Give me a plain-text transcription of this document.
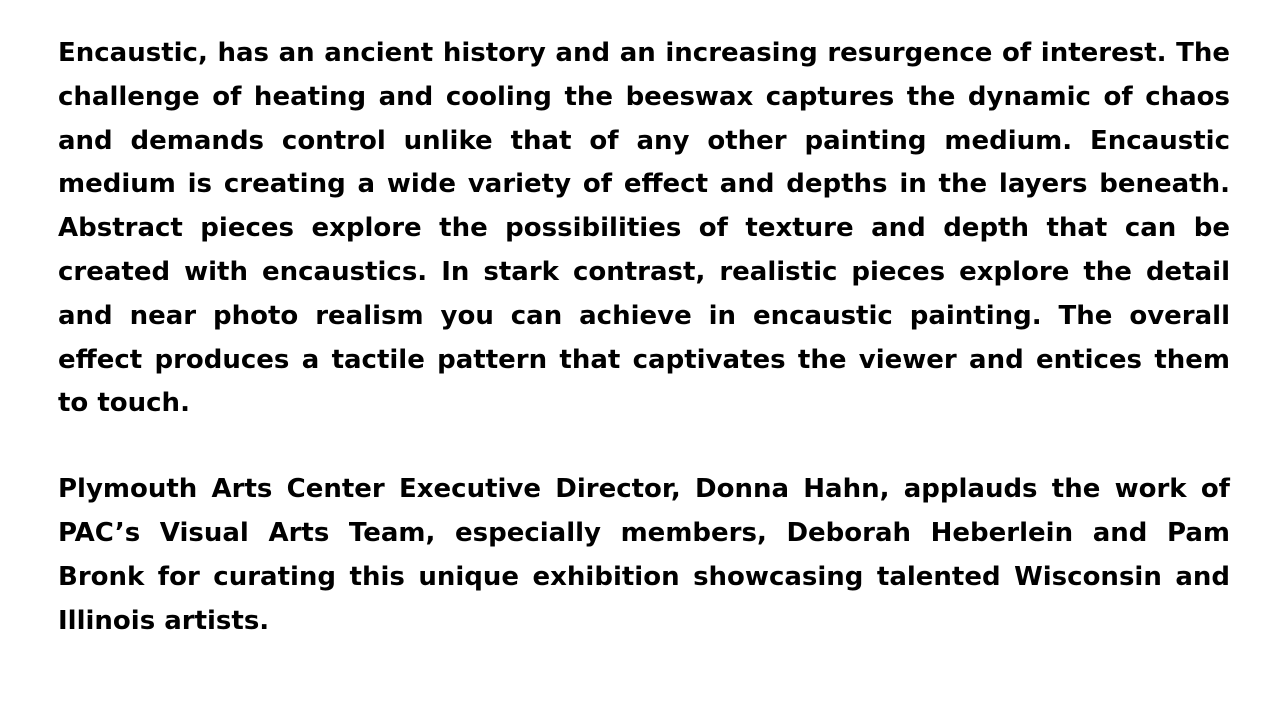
Encaustic, has an ancient history and an increasing resurgence of interest. The challenge of heating and cooling the beeswax captures the dynamic of chaos and demands control unlike that of any other painting medium. Encaustic medium is creating a wide variety of effect and depths in the layers beneath. Abstract pieces explore the possibilities of texture and depth that can be created with encaustics. In stark contrast, realistic pieces explore the detail and near photo realism you can achieve in encaustic painting. The overall effect produces a tactile pattern that captivates the viewer and entices them to touch.

Plymouth Arts Center Executive Director, Donna Hahn, applauds the work of PAC’s Visual Arts Team, especially members, Deborah Heberlein and Pam Bronk for curating this unique exhibition showcasing talented Wisconsin and Illinois artists.
